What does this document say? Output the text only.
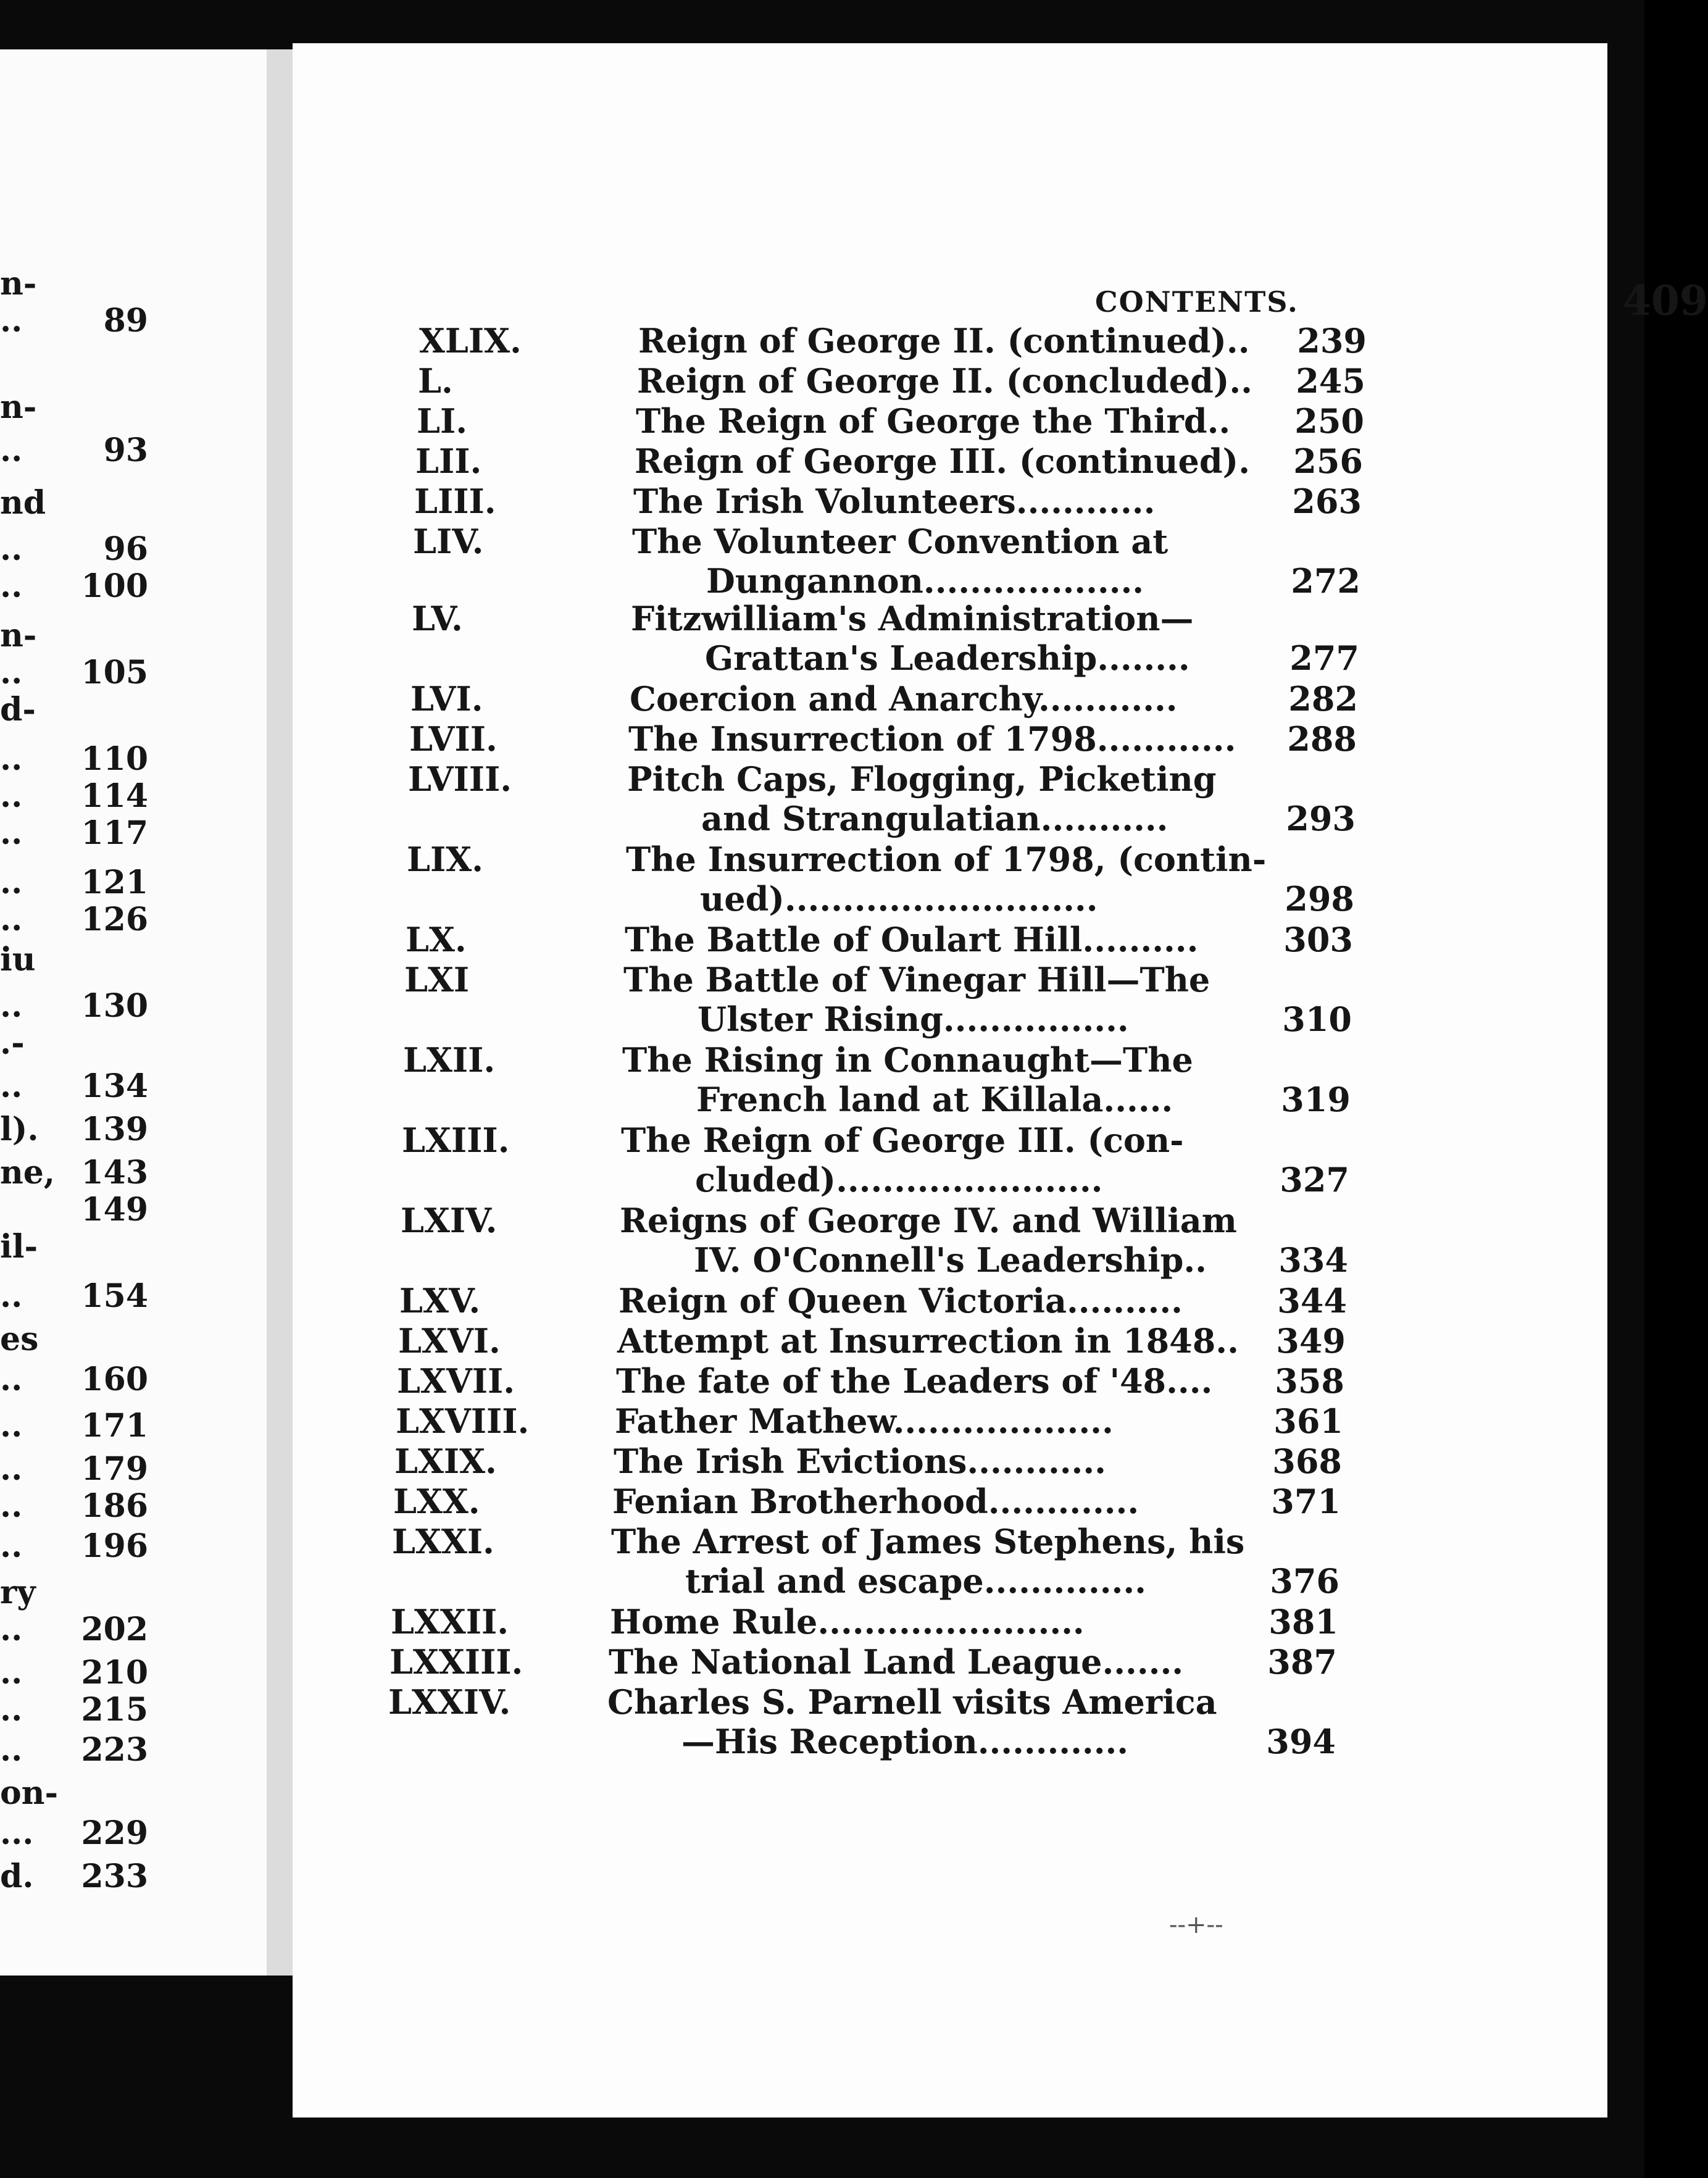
n-
..	89
n-
..	93
nd
..	96
..	100
n-
..	105
d-
..	110
..	114
..	117
..	121
..	126
iu
..	130
.-
..	134
l).	139
ne, 143
149
il-
..	154
es
..	160
..	171
..	179
..	186
..	196
ry
..	202
..	210
..	215
..	223
on-
...	229
d.	233
CONTENTS.	409
XLIX.	Reign of George II. (continued)..	239
L.	Reign of George II. (concluded)..	245
LI.	The Reign of George the Third..	250
LII.	Reign of George III. (continued).	256
LIII.	The Irish Volunteers............	263
LIV.	The Volunteer Convention at
Dungannon...................	272
LV.	Fitzwilliam's Administration—
Grattan's Leadership........	277
LVI.	Coercion and Anarchy............	282
LVII.	The Insurrection of 1798............	288
LVIII.	Pitch Caps, Flogging, Picketing
and Strangulatian...........	293
LIX.	The Insurrection of 1798, (contin-
ued)...........................	298
LX.	The Battle of Oulart Hill..........	303
LXI	The Battle of Vinegar Hill—The
Ulster Rising................	310
LXII.	The Rising in Connaught—The
French land at Killala......	319
LXIII.	The Reign of George III. (con-
cluded).......................	327
LXIV.	Reigns of George IV. and William
IV. O'Connell's Leadership..	334
LXV.	Reign of Queen Victoria..........	344
LXVI.	Attempt at Insurrection in 1848..	349
LXVII.	The fate of the Leaders of '48....	358
LXVIII.	Father Mathew...................	361
LXIX.	The Irish Evictions............	368
LXX.	Fenian Brotherhood.............	371
LXXI.	The Arrest of James Stephens, his
trial and escape..............	376
LXXII.	Home Rule.......................	381
LXXIII.	The National Land League.......	387
LXXIV.	Charles S. Parnell visits America
—His Reception.............	394
--+--
